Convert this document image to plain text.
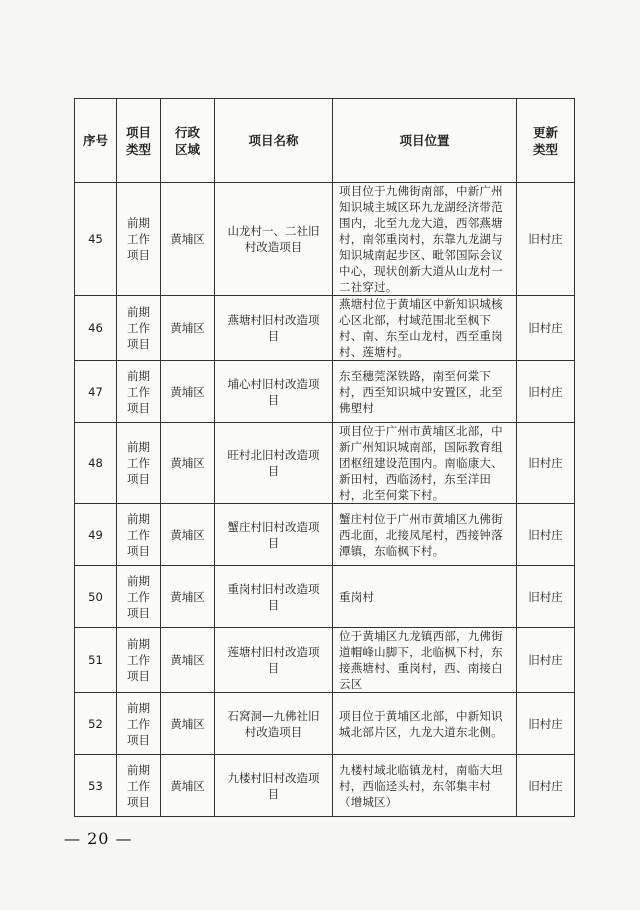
序号	项目类型	行政区域	项目名称	项目位置	更新类型
45	前期工作项目	黄埔区	山龙村一、二社旧村改造项目	项目位于九佛街南部，中新广州知识城主城区环九龙湖经济带范围内，北至九龙大道，西邻燕塘村，南邻重岗村，东靠九龙湖与知识城南起步区、毗邻国际会议中心，现状创新大道从山龙村一二社穿过。	旧村庄
46	前期工作项目	黄埔区	燕塘村旧村改造项目	燕塘村位于黄埔区中新知识城核心区北部，村域范围北至枫下村、南、东至山龙村，西至重岗村、莲塘村。	旧村庄
47	前期工作项目	黄埔区	埔心村旧村改造项目	东至穗莞深铁路，南至何棠下村，西至知识城中安置区，北至佛塱村	旧村庄
48	前期工作项目	黄埔区	旺村北旧村改造项目	项目位于广州市黄埔区北部，中新广州知识城南部，国际教育组团枢纽建设范围内。南临康大、新田村，西临汤村，东至洋田村，北至何棠下村。	旧村庄
49	前期工作项目	黄埔区	蟹庄村旧村改造项目	蟹庄村位于广州市黄埔区九佛街西北面，北接凤尾村，西接钟落潭镇，东临枫下村。	旧村庄
50	前期工作项目	黄埔区	重岗村旧村改造项目	重岗村	旧村庄
51	前期工作项目	黄埔区	莲塘村旧村改造项目	位于黄埔区九龙镇西部，九佛街道帽峰山脚下，北临枫下村，东接燕塘村、重岗村，西、南接白云区	旧村庄
52	前期工作项目	黄埔区	石窝洞—九佛社旧村改造项目	项目位于黄埔区北部，中新知识城北部片区，九龙大道东北侧。	旧村庄
53	前期工作项目	黄埔区	九楼村旧村改造项目	九楼村域北临镇龙村，南临大坦村，西临迳头村，东邻集丰村（增城区）	旧村庄
— 20 —
